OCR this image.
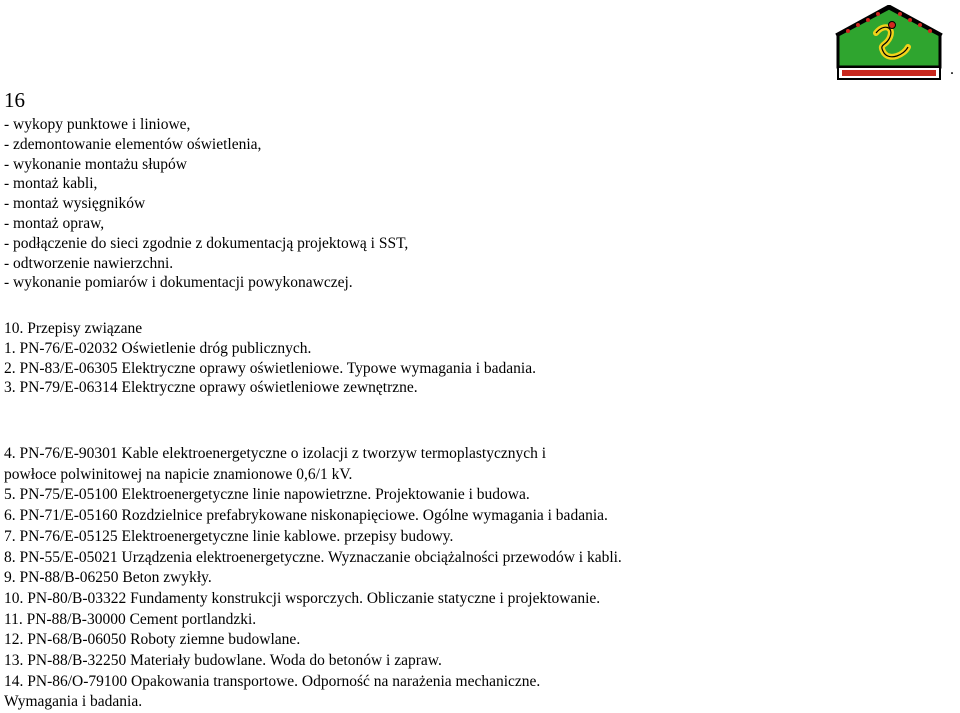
.
16
- wykopy punktowe i liniowe,
- zdemontowanie elementów oświetlenia,
- wykonanie montażu słupów
- montaż kabli,
- montaż wysięgników
- montaż opraw,
- podłączenie do sieci zgodnie z dokumentacją projektową i SST,
- odtworzenie nawierzchni.
- wykonanie pomiarów i dokumentacji powykonawczej.
10. Przepisy związane
1. PN-76/E-02032 Oświetlenie dróg publicznych.
2. PN-83/E-06305 Elektryczne oprawy oświetleniowe. Typowe wymagania i badania.
3. PN-79/E-06314 Elektryczne oprawy oświetleniowe zewnętrzne.
4. PN-76/E-90301 Kable elektroenergetyczne o izolacji z tworzyw termoplastycznych i
powłoce polwinitowej na napicie znamionowe 0,6/1 kV.
5. PN-75/E-05100 Elektroenergetyczne linie napowietrzne. Projektowanie i budowa.
6. PN-71/E-05160 Rozdzielnice prefabrykowane niskonapięciowe. Ogólne wymagania i badania.
7. PN-76/E-05125 Elektroenergetyczne linie kablowe. przepisy budowy.
8. PN-55/E-05021 Urządzenia elektroenergetyczne. Wyznaczanie obciążalności przewodów i kabli.
9. PN-88/B-06250 Beton zwykły.
10. PN-80/B-03322 Fundamenty konstrukcji wsporczych. Obliczanie statyczne i projektowanie.
11. PN-88/B-30000 Cement portlandzki.
12. PN-68/B-06050 Roboty ziemne budowlane.
13. PN-88/B-32250 Materiały budowlane. Woda do betonów i zapraw.
14. PN-86/O-79100 Opakowania transportowe. Odporność na narażenia mechaniczne.
Wymagania i badania.
